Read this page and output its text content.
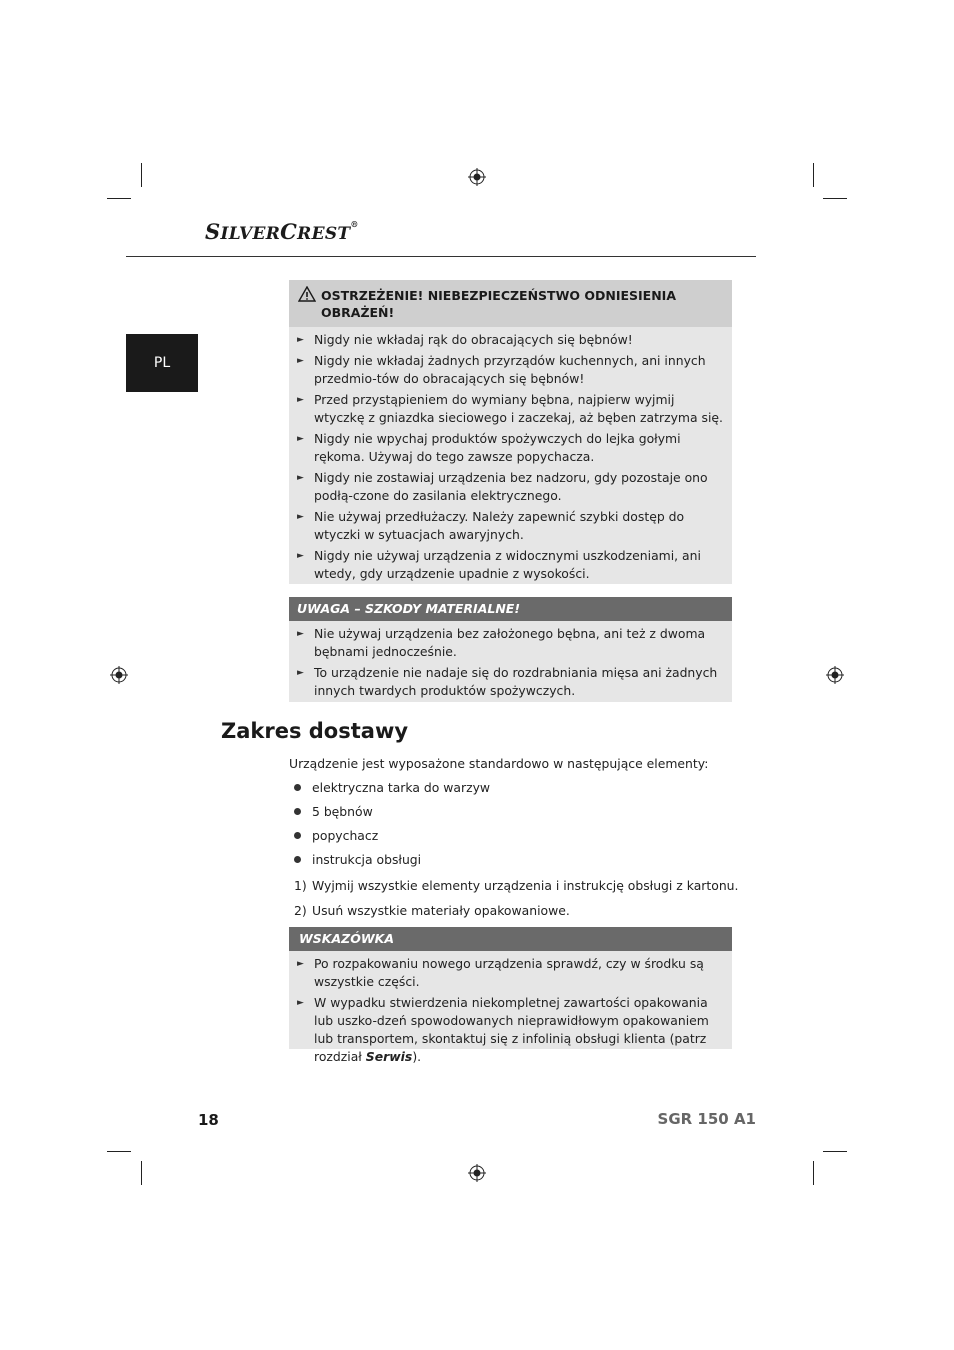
SILVERCREST®
PL
OSTRZEŻENIE! NIEBEZPIECZEŃSTWO ODNIESIENIA
OBRAŻEŃ!
► Nigdy nie wkładaj rąk do obracających się bębnów!
► Nigdy nie wkładaj żadnych przyrządów kuchennych, ani innych przedmio-tów do obracających się bębnów!
► Przed przystąpieniem do wymiany bębna, najpierw wyjmij wtyczkę z gniazdka sieciowego i zaczekaj, aż bęben zatrzyma się.
► Nigdy nie wpychaj produktów spożywczych do lejka gołymi rękoma. Używaj do tego zawsze popychacza.
► Nigdy nie zostawiaj urządzenia bez nadzoru, gdy pozostaje ono podłą-czone do zasilania elektrycznego.
► Nie używaj przedłużaczy. Należy zapewnić szybki dostęp do wtyczki w sytuacjach awaryjnych.
► Nigdy nie używaj urządzenia z widocznymi uszkodzeniami, ani wtedy, gdy urządzenie upadnie z wysokości.
UWAGA – SZKODY MATERIALNE!
► Nie używaj urządzenia bez założonego bębna, ani też z dwoma bębnami jednocześnie.
► To urządzenie nie nadaje się do rozdrabniania mięsa ani żadnych innych twardych produktów spożywczych.
Zakres dostawy
Urządzenie jest wyposażone standardowo w następujące elementy:
elektryczna tarka do warzyw
5 bębnów
popychacz
instrukcja obsługi
1) Wyjmij wszystkie elementy urządzenia i instrukcję obsługi z kartonu.
2) Usuń wszystkie materiały opakowaniowe.
WSKAZÓWKA
► Po rozpakowaniu nowego urządzenia sprawdź, czy w środku są wszystkie części.
► W wypadku stwierdzenia niekompletnej zawartości opakowania lub uszko-dzeń spowodowanych nieprawidłowym opakowaniem lub transportem, skontaktuj się z infolinią obsługi klienta (patrz rozdział Serwis).
18	SGR 150 A1
